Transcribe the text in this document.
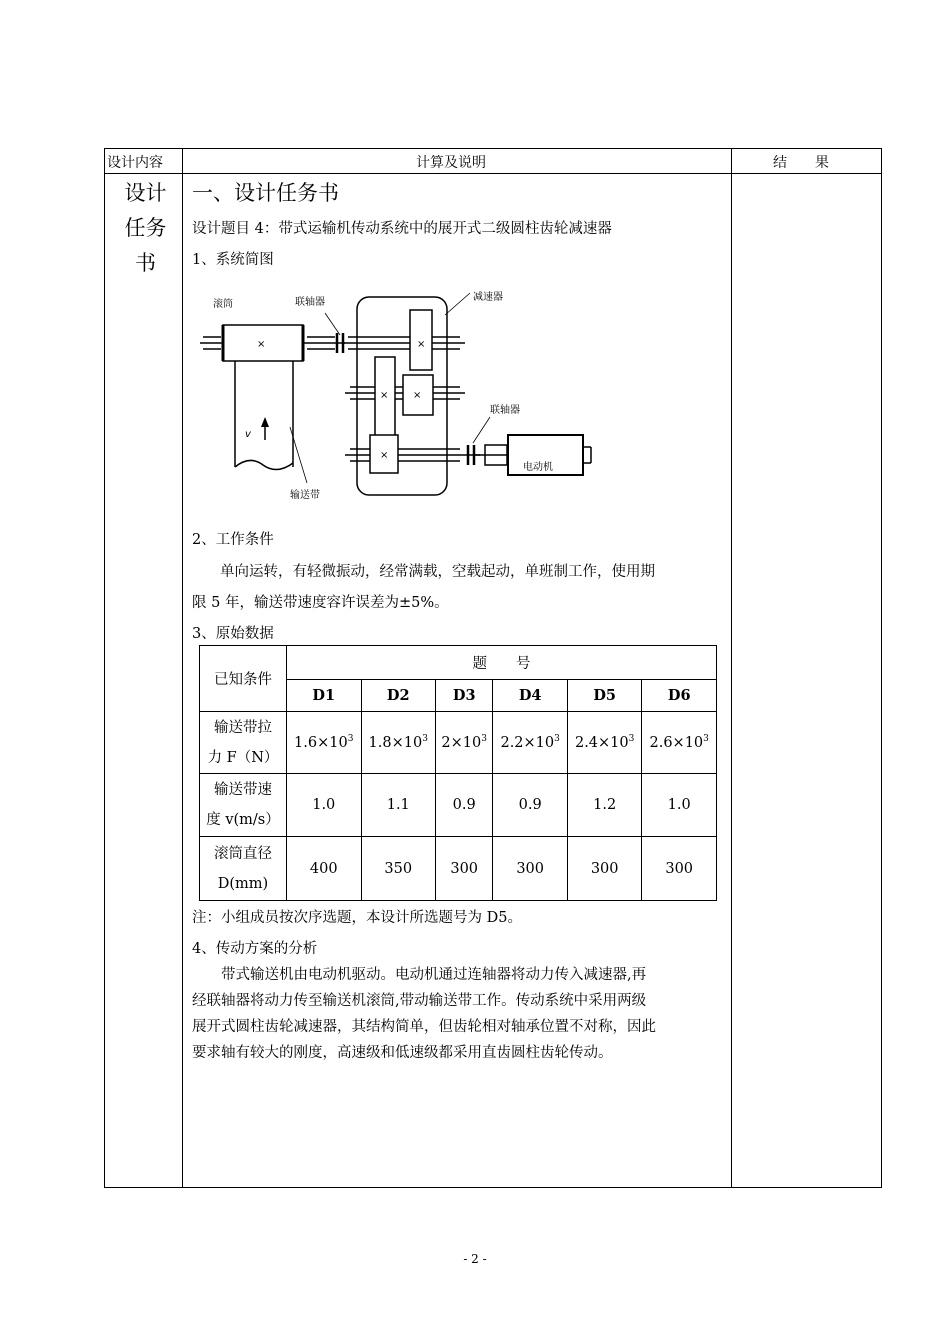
设计内容	计算及说明	结　　果
设计
任务
书
一、设计任务书
设计题目 4：带式运输机传动系统中的展开式二级圆柱齿轮减速器
1、系统简图
×	×
×
×
×
滚筒	联轴器	减速器
联轴器
电动机
输送带
v
2、工作条件
单向运转，有轻微振动，经常满载，空载起动，单班制工作，使用期
限 5 年，输送带速度容许误差为±5%。
3、原始数据
已知条件	题　　号					
	D1	D2	D3	D4	D5	D6

输送带拉
力 F（N）	$1.6\times 10^3$	$1.8\times 10^3$	$2\times 10^3$	$2.2\times 10^3$	$2.4\times 10^3$	$2.6\times 10^3$

输送带速
度 v(m/s）	1.0	1.1	0.9	0.9	1.2	1.0

滚筒直径
D(mm)	400	350	300	300	300	300
注：小组成员按次序选题，本设计所选题号为 D5。
4、传动方案的分析
　　带式输送机由电动机驱动。电动机通过连轴器将动力传入减速器,再
经联轴器将动力传至输送机滚筒,带动输送带工作。传动系统中采用两级
展开式圆柱齿轮减速器，其结构简单，但齿轮相对轴承位置不对称，因此
要求轴有较大的刚度，高速级和低速级都采用直齿圆柱齿轮传动。
- 2 -
